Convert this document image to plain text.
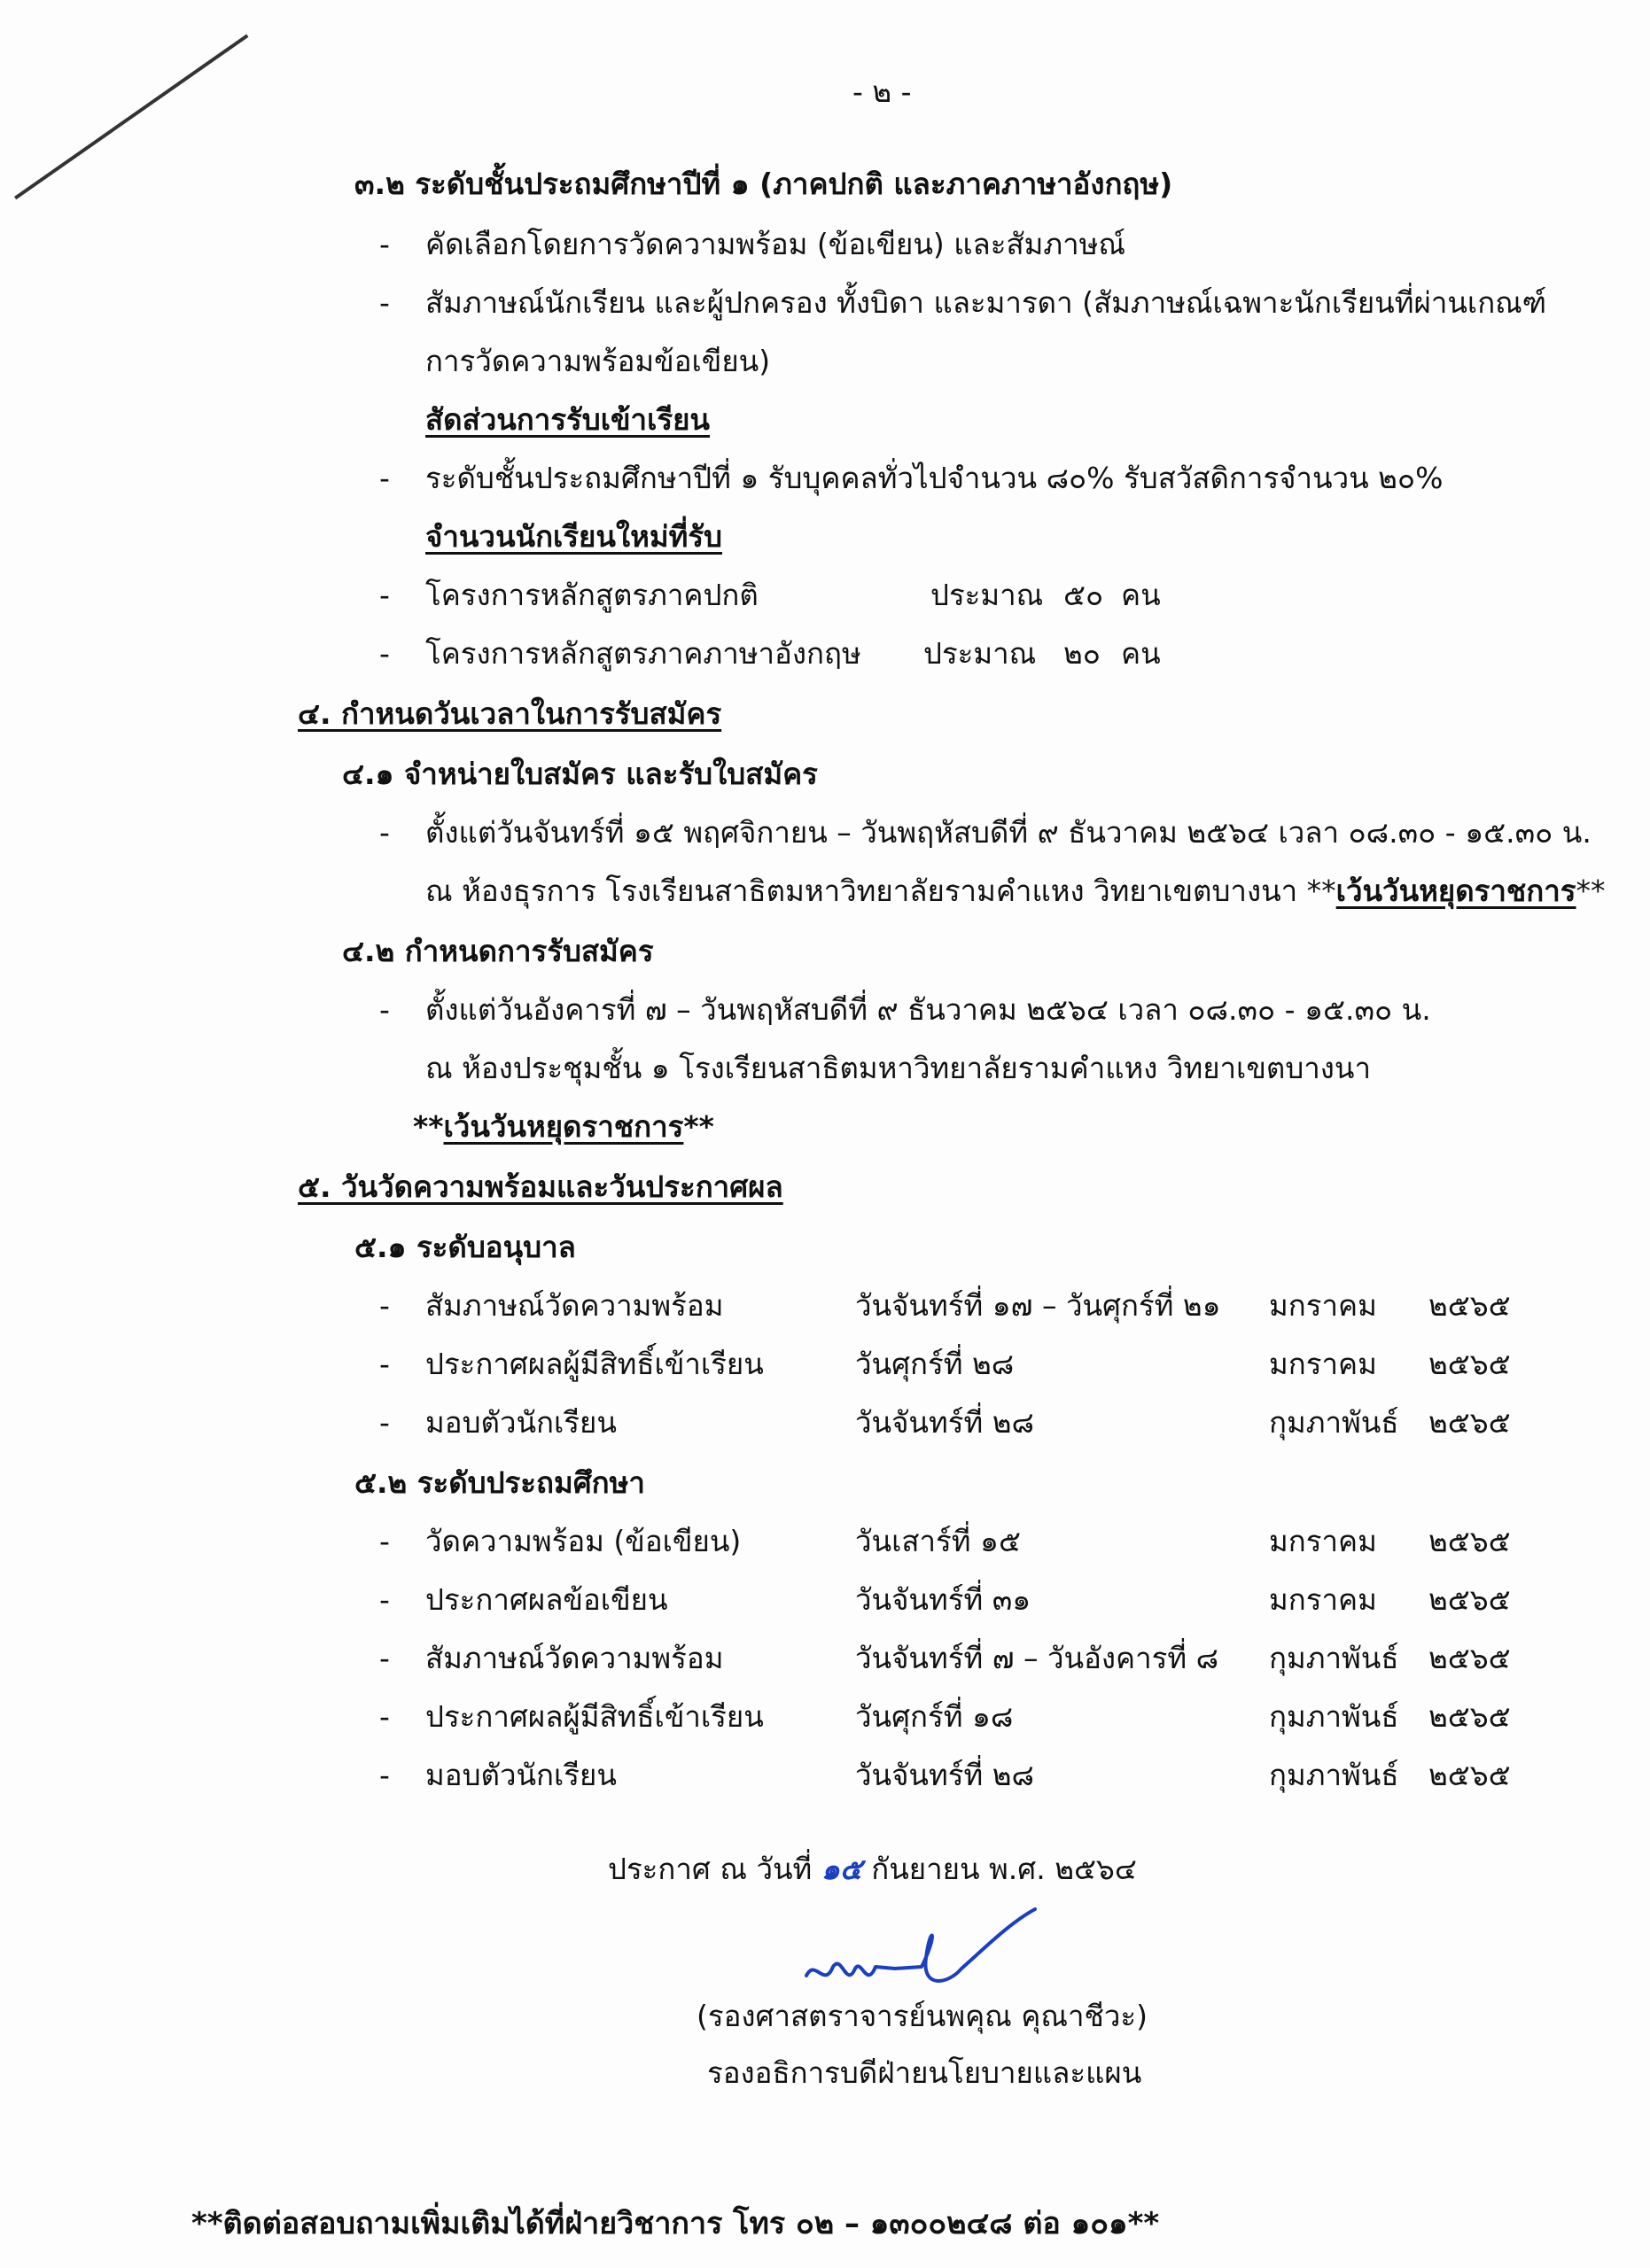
- ๒ -
๓.๒ ระดับชั้นประถมศึกษาปีที่ ๑ (ภาคปกติ และภาคภาษาอังกฤษ)
- คัดเลือกโดยการวัดความพร้อม (ข้อเขียน) และสัมภาษณ์
- สัมภาษณ์นักเรียน และผู้ปกครอง ทั้งบิดา และมารดา (สัมภาษณ์เฉพาะนักเรียนที่ผ่านเกณฑ์
การวัดความพร้อมข้อเขียน)
สัดส่วนการรับเข้าเรียน
- ระดับชั้นประถมศึกษาปีที่ ๑ รับบุคคลทั่วไปจำนวน ๘๐% รับสวัสดิการจำนวน ๒๐%
จำนวนนักเรียนใหม่ที่รับ
- โครงการหลักสูตรภาคปกติ	ประมาณ ๕๐ คน
- โครงการหลักสูตรภาคภาษาอังกฤษ ประมาณ ๒๐ คน
๔. กำหนดวันเวลาในการรับสมัคร
๔.๑ จำหน่ายใบสมัคร และรับใบสมัคร
- ตั้งแต่วันจันทร์ที่ ๑๕ พฤศจิกายน – วันพฤหัสบดีที่ ๙ ธันวาคม ๒๕๖๔ เวลา ๐๘.๓๐ - ๑๕.๓๐ น.
ณ ห้องธุรการ โรงเรียนสาธิตมหาวิทยาลัยรามคำแหง วิทยาเขตบางนา **เว้นวันหยุดราชการ**
๔.๒ กำหนดการรับสมัคร
- ตั้งแต่วันอังคารที่ ๗ – วันพฤหัสบดีที่ ๙ ธันวาคม ๒๕๖๔ เวลา ๐๘.๓๐ - ๑๕.๓๐ น.
ณ ห้องประชุมชั้น ๑ โรงเรียนสาธิตมหาวิทยาลัยรามคำแหง วิทยาเขตบางนา
**เว้นวันหยุดราชการ**
๕. วันวัดความพร้อมและวันประกาศผล
๕.๑ ระดับอนุบาล
- สัมภาษณ์วัดความพร้อม	วันจันทร์ที่ ๑๗ – วันศุกร์ที่ ๒๑ มกราคม ๒๕๖๕
- ประกาศผลผู้มีสิทธิ์เข้าเรียน	วันศุกร์ที่ ๒๘	มกราคม ๒๕๖๕
- มอบตัวนักเรียน	วันจันทร์ที่ ๒๘	กุมภาพันธ์ ๒๕๖๕
๕.๒ ระดับประถมศึกษา
- วัดความพร้อม (ข้อเขียน)	วันเสาร์ที่ ๑๕	มกราคม ๒๕๖๕
- ประกาศผลข้อเขียน	วันจันทร์ที่ ๓๑	มกราคม ๒๕๖๕
- สัมภาษณ์วัดความพร้อม	วันจันทร์ที่ ๗ – วันอังคารที่ ๘ กุมภาพันธ์ ๒๕๖๕
- ประกาศผลผู้มีสิทธิ์เข้าเรียน	วันศุกร์ที่ ๑๘	กุมภาพันธ์ ๒๕๖๕
- มอบตัวนักเรียน	วันจันทร์ที่ ๒๘	กุมภาพันธ์ ๒๕๖๕
ประกาศ ณ วันที่ ๑๕ กันยายน พ.ศ. ๒๕๖๔
(รองศาสตราจารย์นพคุณ คุณาชีวะ)
รองอธิการบดีฝ่ายนโยบายและแผน
**ติดต่อสอบถามเพิ่มเติมได้ที่ฝ่ายวิชาการ โทร ๐๒ – ๑๓๐๐๒๔๘ ต่อ ๑๐๑**
